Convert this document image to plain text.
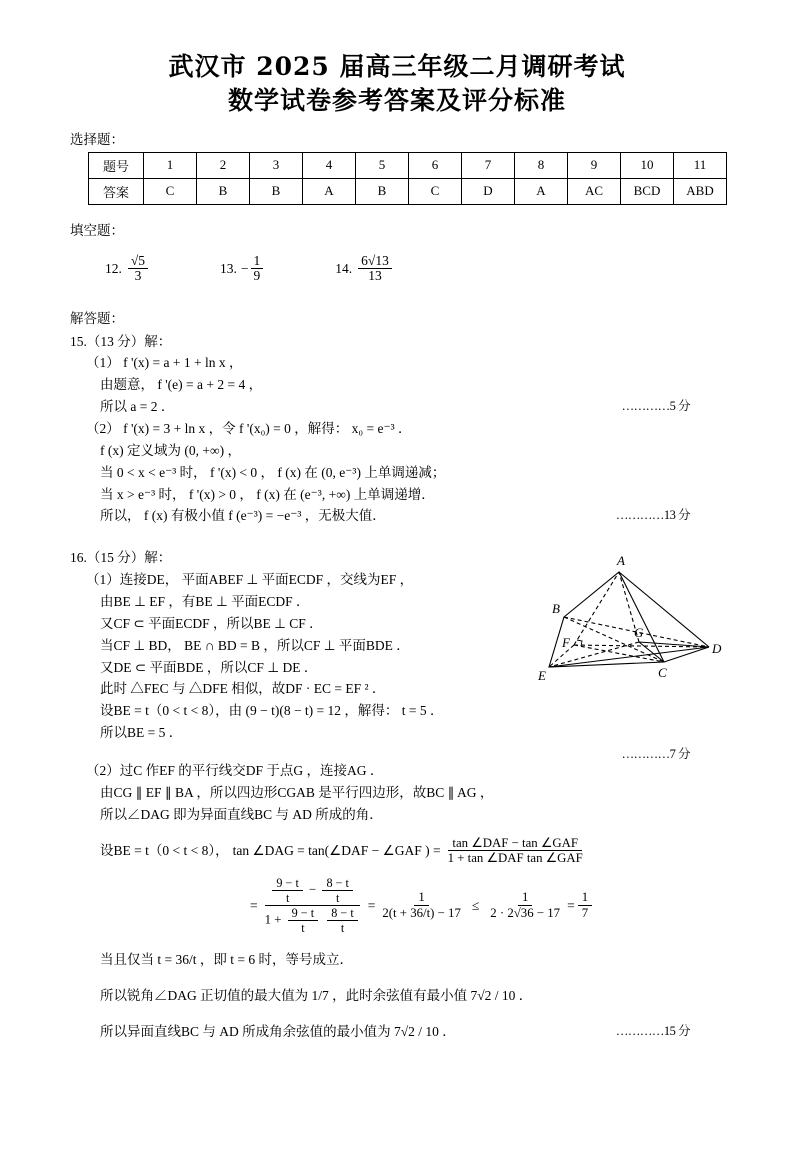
武汉市 2025 届高三年级二月调研考试
数学试卷参考答案及评分标准
选择题：
题号	1	2	3	4	5	6	7	8	9	10	11
答案	C	B	B	A	B	C	D	A	AC	BCD	ABD
填空题：
12. $\frac{√5}{3}$	13. − $\frac{1}{9}$	14. $\frac{6√13}{13}$
解答题：
15.（13 分）解：
（1） f '(x) = a + 1 + ln x ，
由题意， f '(e) = a + 2 = 4 ，
所以 a = 2 ．	…………5 分
（2） f '(x) = 3 + ln x ，令 f '(x₀) = 0 ，解得： x₀ = e⁻³ ．
f (x) 定义域为 (0, +∞) ，
当 0 < x < e⁻³ 时， f '(x) < 0 ， f (x) 在 (0, e⁻³) 上单调递减；
当 x > e⁻³ 时， f '(x) > 0 ， f (x) 在 (e⁻³, +∞) 上单调递增．
所以， f (x) 有极小值 f (e⁻³) = −e⁻³ ，无极大值．	…………13 分
16.（15 分）解：	A
B
F
G
D
E	C
（1）连接DE， 平面ABEF ⊥ 平面ECDF ，交线为EF ，
由BE ⊥ EF ，有BE ⊥ 平面ECDF ．
又CF ⊂ 平面ECDF ，所以BE ⊥ CF ．
当CF ⊥ BD， BE ∩ BD = B ，所以CF ⊥ 平面BDE ．
又DE ⊂ 平面BDE ，所以CF ⊥ DE ．
此时 △FEC 与 △DFE 相似，故DF · EC = EF ² ．
设BE = t（0 < t < 8），由 (9 − t)(8 − t) = 12 ，解得： t = 5 ．
所以BE = 5 ．
…………7 分
（2）过C 作EF 的平行线交DF 于点G ，连接AG ．
由CG ∥ EF ∥ BA ，所以四边形CGAB 是平行四边形，故BC ∥ AG ，
所以∠DAG 即为异面直线BC 与 AD 所成的角．
设BE = t（0 < t < 8）， tan ∠DAG = tan(∠DAF − ∠GAF ) =
tan ∠DAF − tan ∠GAF
1 + tan ∠DAF tan ∠GAF
=
$\frac{9 - t}{t} - \frac{8 - t}{t}$
$1 + \frac{9 - t}{t}$
$\frac{8 - t}{t}$
= $\frac{1}{2(t + 36/t) - 17} \le \frac{1}{2 \cdot 2√36 - 17} = \frac{1}{7}$
当且仅当 t = 36/t ，即 t = 6 时，等号成立．
所以锐角∠DAG 正切值的最大值为 1/7 ，此时余弦值有最小值 7√2 / 10 ．
所以异面直线BC 与 AD 所成角余弦值的最小值为 7√2 / 10 ．	…………15 分
